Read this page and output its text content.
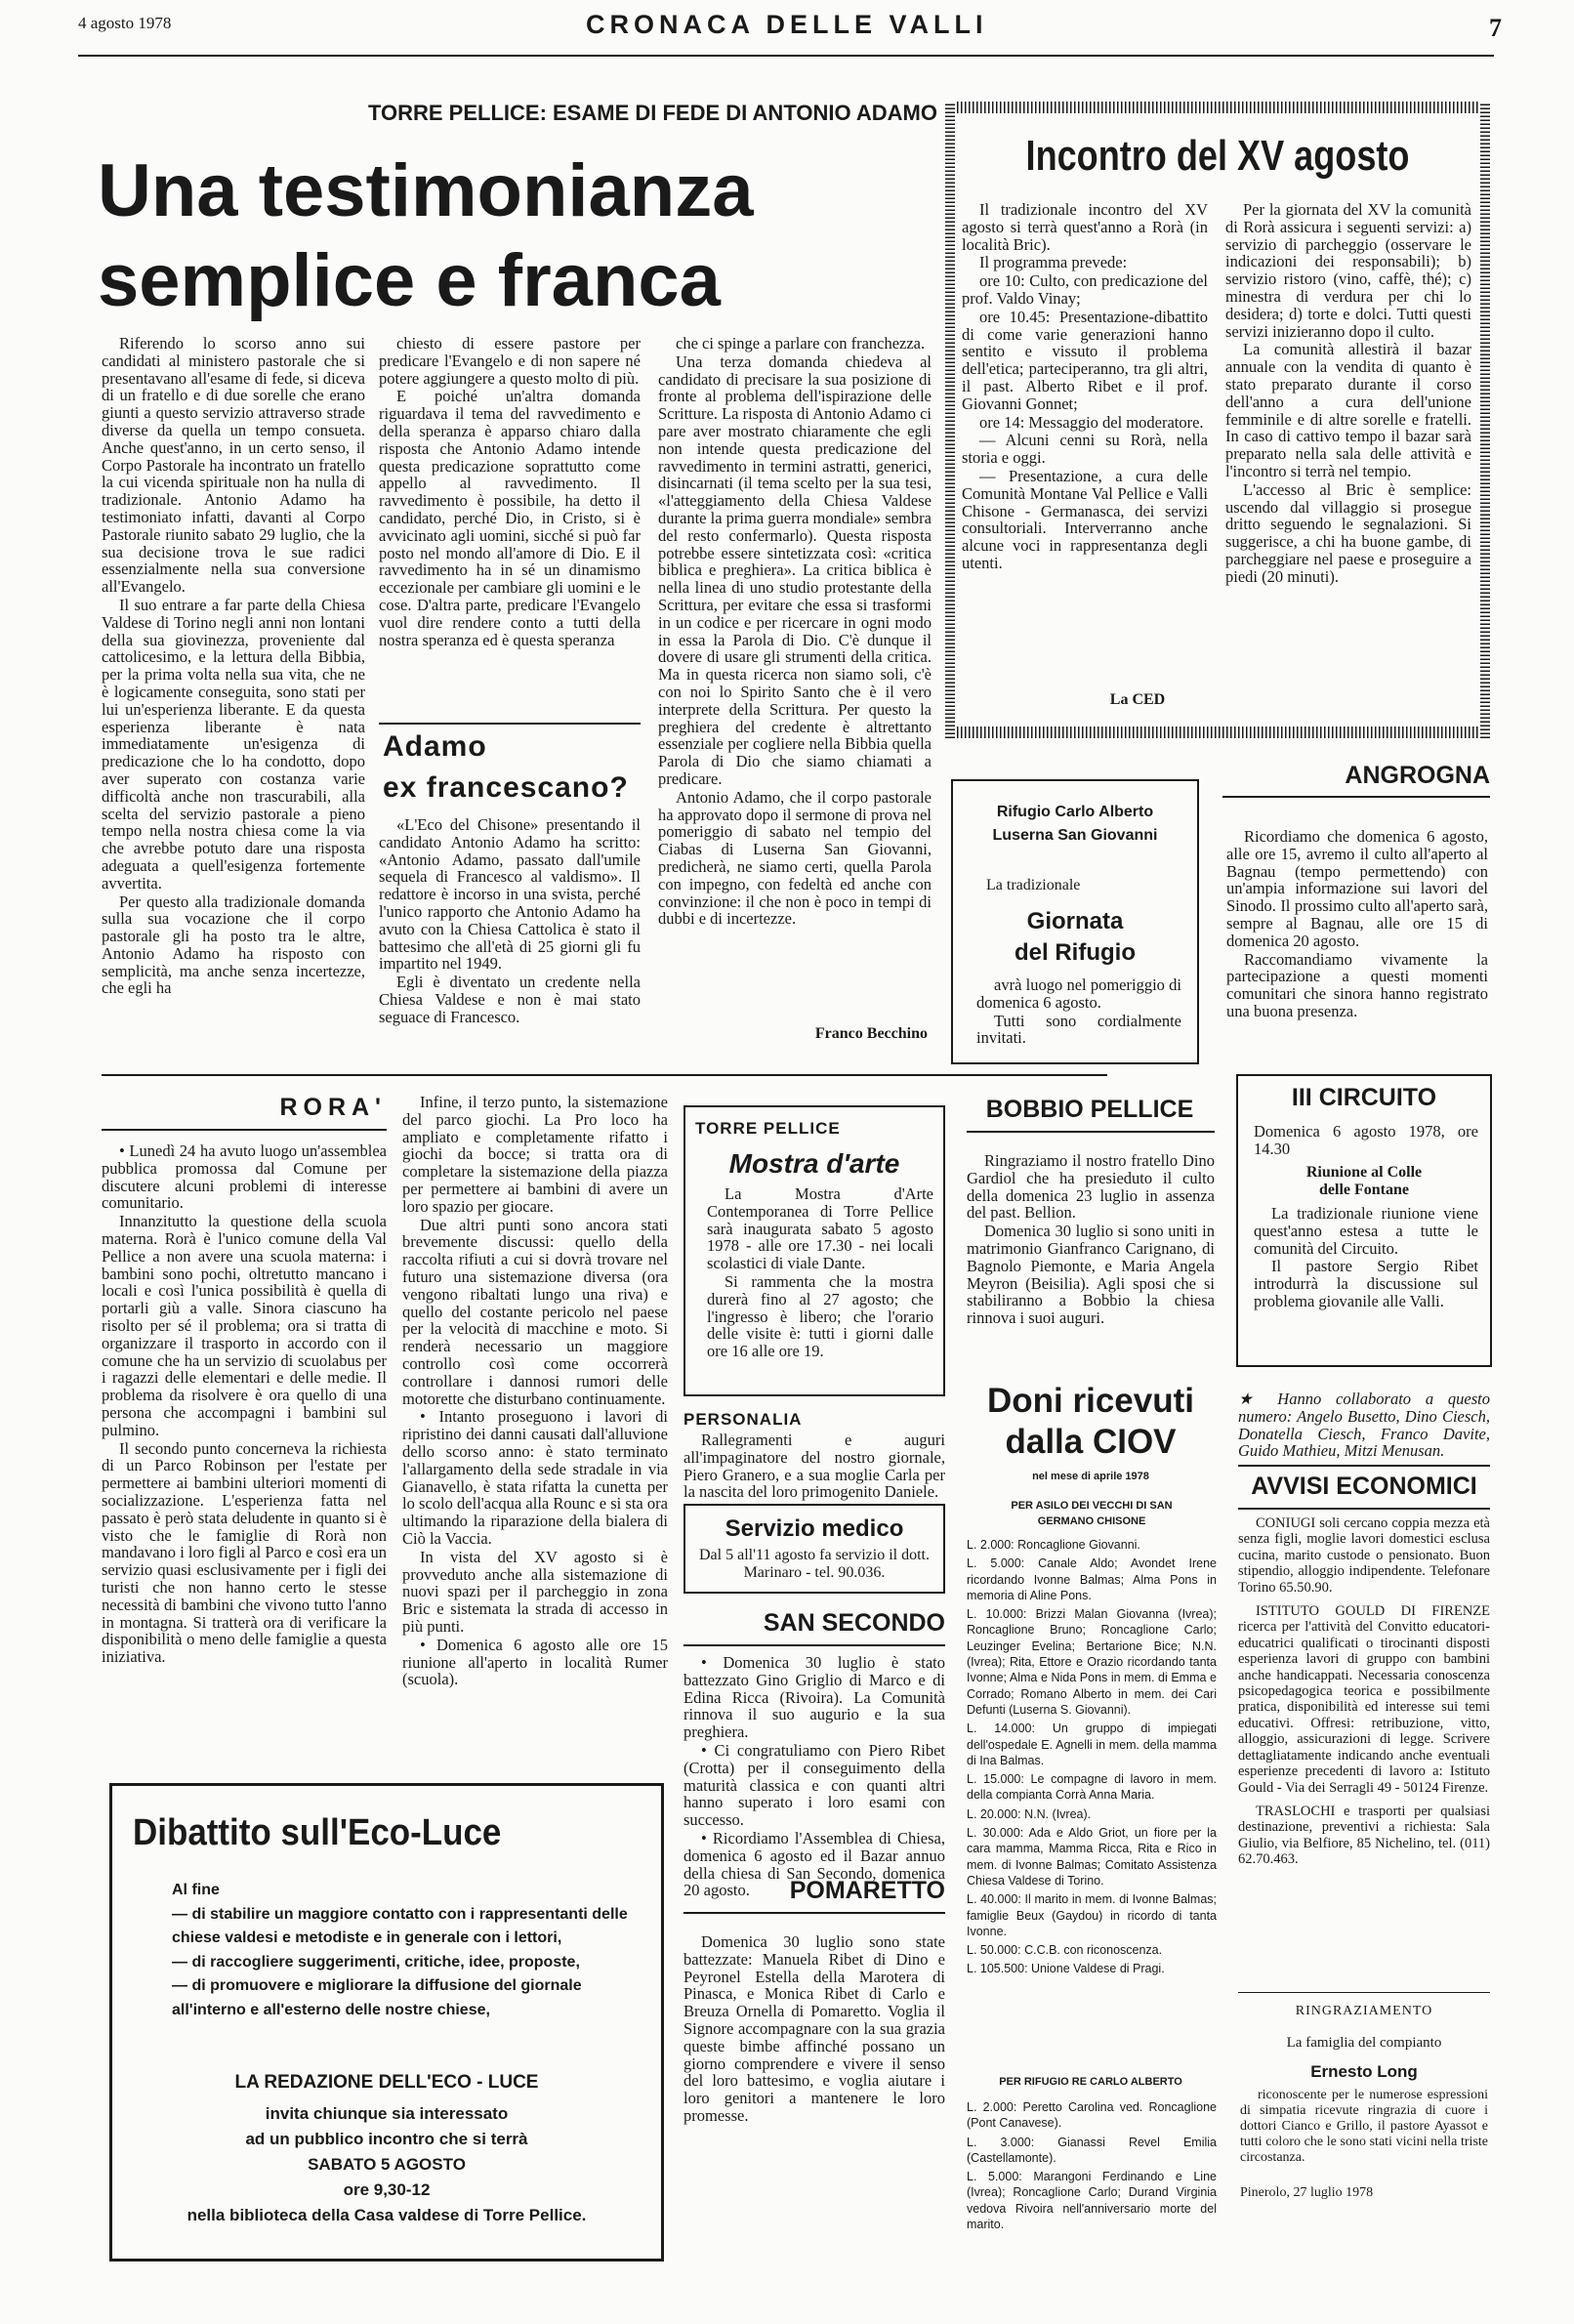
4 agosto 1978	CRONACA DELLE VALLI	7
TORRE PELLICE: ESAME DI FEDE DI ANTONIO ADAMO
Una testimonianza
semplice e franca

Riferendo lo scorso anno sui candidati al ministero pastorale che si presentavano all'esame di fede, si diceva di un fratello e di due sorelle che erano giunti a questo servizio attraverso strade diverse da quella un tempo consueta. Anche quest'anno, in un certo senso, il Corpo Pastorale ha incontrato un fratello la cui vicenda spirituale non ha nulla di tradizionale. Antonio Adamo ha testimoniato infatti, davanti al Corpo Pastorale riunito sabato 29 luglio, che la sua decisione trova le sue radici essenzialmente nella sua conversione all'Evangelo.

Il suo entrare a far parte della Chiesa Valdese di Torino negli anni non lontani della sua giovinezza, proveniente dal cattolicesimo, e la lettura della Bibbia, per la prima volta nella sua vita, che ne è logicamente conseguita, sono stati per lui un'esperienza liberante. E da questa esperienza liberante è nata immediatamente un'esigenza di predicazione che lo ha condotto, dopo aver superato con costanza varie difficoltà anche non trascurabili, alla scelta del servizio pastorale a pieno tempo nella nostra chiesa come la via che avrebbe potuto dare una risposta adeguata a quell'esigenza fortemente avvertita.

Per questo alla tradizionale domanda sulla sua vocazione che il corpo pastorale gli ha posto tra le altre, Antonio Adamo ha risposto con semplicità, ma anche senza incertezze, che egli ha

chiesto di essere pastore per predicare l'Evangelo e di non sapere né potere aggiungere a questo molto di più.

E poiché un'altra domanda riguardava il tema del ravvedimento e della speranza è apparso chiaro dalla risposta che Antonio Adamo intende questa predicazione soprattutto come appello al ravvedimento. Il ravvedimento è possibile, ha detto il candidato, perché Dio, in Cristo, si è avvicinato agli uomini, sicché si può far posto nel mondo all'amore di Dio. E il ravvedimento ha in sé un dinamismo eccezionale per cambiare gli uomini e le cose. D'altra parte, predicare l'Evangelo vuol dire rendere conto a tutti della nostra speranza ed è questa speranza

che ci spinge a parlare con franchezza.

Una terza domanda chiedeva al candidato di precisare la sua posizione di fronte al problema dell'ispirazione delle Scritture. La risposta di Antonio Adamo ci pare aver mostrato chiaramente che egli non intende questa predicazione del ravvedimento in termini astratti, generici, disincarnati (il tema scelto per la sua tesi, «l'atteggiamento della Chiesa Valdese durante la prima guerra mondiale» sembra del resto confermarlo). Questa risposta potrebbe essere sintetizzata così: «critica biblica e preghiera». La critica biblica è nella linea di uno studio protestante della Scrittura, per evitare che essa si trasformi in un codice e per ricercare in ogni modo in essa la Parola di Dio. C'è dunque il dovere di usare gli strumenti della critica. Ma in questa ricerca non siamo soli, c'è con noi lo Spirito Santo che è il vero interprete della Scrittura. Per questo la preghiera del credente è altrettanto essenziale per cogliere nella Bibbia quella Parola di Dio che siamo chiamati a predicare.

Antonio Adamo, che il corpo pastorale ha approvato dopo il sermone di prova nel pomeriggio di sabato nel tempio del Ciabas di Luserna San Giovanni, predicherà, ne siamo certi, quella Parola con impegno, con fedeltà ed anche con convinzione: il che non è poco in tempi di dubbi e di incertezze.

Franco Becchino
Adamo
ex francescano?

«L'Eco del Chisone» presentando il candidato Antonio Adamo ha scritto: «Antonio Adamo, passato dall'umile sequela di Francesco al valdismo». Il redattore è incorso in una svista, perché l'unico rapporto che Antonio Adamo ha avuto con la Chiesa Cattolica è stato il battesimo che all'età di 25 giorni gli fu impartito nel 1949.

Egli è diventato un credente nella Chiesa Valdese e non è mai stato seguace di Francesco.

Incontro del XV agosto

Il tradizionale incontro del XV agosto si terrà quest'anno a Rorà (in località Bric).

Il programma prevede:

ore 10: Culto, con predicazione del prof. Valdo Vinay;

ore 10.45: Presentazione-dibattito di come varie generazioni hanno sentito e vissuto il problema dell'etica; parteciperanno, tra gli altri, il past. Alberto Ribet e il prof. Giovanni Gonnet;

ore 14: Messaggio del moderatore.

— Alcuni cenni su Rorà, nella storia e oggi.

— Presentazione, a cura delle Comunità Montane Val Pellice e Valli Chisone - Germanasca, dei servizi consultoriali. Interverranno anche alcune voci in rappresentanza degli utenti.

La CED

Per la giornata del XV la comunità di Rorà assicura i seguenti servizi: a) servizio di parcheggio (osservare le indicazioni dei responsabili); b) servizio ristoro (vino, caffè, thé); c) minestra di verdura per chi lo desidera; d) torte e dolci. Tutti questi servizi inizieranno dopo il culto.

La comunità allestirà il bazar annuale con la vendita di quanto è stato preparato durante il corso dell'anno a cura dell'unione femminile e di altre sorelle e fratelli. In caso di cattivo tempo il bazar sarà preparato nella sala delle attività e l'incontro si terrà nel tempio.

L'accesso al Bric è semplice: uscendo dal villaggio si prosegue dritto seguendo le segnalazioni. Si suggerisce, a chi ha buone gambe, di parcheggiare nel paese e proseguire a piedi (20 minuti).

Rifugio Carlo Alberto
Luserna San Giovanni
La tradizionale
Giornata
del Rifugio

avrà luogo nel pomeriggio di domenica 6 agosto.

Tutti sono cordialmente invitati.

ANGROGNA

Ricordiamo che domenica 6 agosto, alle ore 15, avremo il culto all'aperto al Bagnau (tempo permettendo) con un'ampia informazione sui lavori del Sinodo. Il prossimo culto all'aperto sarà, sempre al Bagnau, alle ore 15 di domenica 20 agosto.

Raccomandiamo vivamente la partecipazione a questi momenti comunitari che sinora hanno registrato una buona presenza.

RORA'

• Lunedì 24 ha avuto luogo un'assemblea pubblica promossa dal Comune per discutere alcuni problemi di interesse comunitario.

Innanzitutto la questione della scuola materna. Rorà è l'unico comune della Val Pellice a non avere una scuola materna: i bambini sono pochi, oltretutto mancano i locali e così l'unica possibilità è quella di portarli giù a valle. Sinora ciascuno ha risolto per sé il problema; ora si tratta di organizzare il trasporto in accordo con il comune che ha un servizio di scuolabus per i ragazzi delle elementari e delle medie. Il problema da risolvere è ora quello di una persona che accompagni i bambini sul pulmino.

Il secondo punto concerneva la richiesta di un Parco Robinson per l'estate per permettere ai bambini ulteriori momenti di socializzazione. L'esperienza fatta nel passato è però stata deludente in quanto si è visto che le famiglie di Rorà non mandavano i loro figli al Parco e così era un servizio quasi esclusivamente per i figli dei turisti che non hanno certo le stesse necessità di bambini che vivono tutto l'anno in montagna. Si tratterà ora di verificare la disponibilità o meno delle famiglie a questa iniziativa.

Infine, il terzo punto, la sistemazione del parco giochi. La Pro loco ha ampliato e completamente rifatto i giochi da bocce; si tratta ora di completare la sistemazione della piazza per permettere ai bambini di avere un loro spazio per giocare.

Due altri punti sono ancora stati brevemente discussi: quello della raccolta rifiuti a cui si dovrà trovare nel futuro una sistemazione diversa (ora vengono ribaltati lungo una riva) e quello del costante pericolo nel paese per la velocità di macchine e moto. Si renderà necessario un maggiore controllo così come occorrerà controllare i dannosi rumori delle motorette che disturbano continuamente.

• Intanto proseguono i lavori di ripristino dei danni causati dall'alluvione dello scorso anno: è stato terminato l'allargamento della sede stradale in via Gianavello, è stata rifatta la cunetta per lo scolo dell'acqua alla Rounc e si sta ora ultimando la riparazione della bialera di Ciò la Vaccia.

In vista del XV agosto si è provveduto anche alla sistemazione di nuovi spazi per il parcheggio in zona Bric e sistemata la strada di accesso in più punti.

• Domenica 6 agosto alle ore 15 riunione all'aperto in località Rumer (scuola).

Dibattito sull'Eco-Luce
Al fine
— di stabilire un maggiore contatto con i rappresentanti delle chiese valdesi e metodiste e in generale con i lettori,
— di raccogliere suggerimenti, critiche, idee, proposte,
— di promuovere e migliorare la diffusione del giornale all'interno e all'esterno delle nostre chiese,
LA REDAZIONE DELL'ECO - LUCE
invita chiunque sia interessato
ad un pubblico incontro che si terrà
SABATO 5 AGOSTO
ore 9,30-12
nella biblioteca della Casa valdese di Torre Pellice.
TORRE PELLICE
Mostra d'arte

La Mostra d'Arte Contemporanea di Torre Pellice sarà inaugurata sabato 5 agosto 1978 - alle ore 17.30 - nei locali scolastici di viale Dante.

Si rammenta che la mostra durerà fino al 27 agosto; che l'ingresso è libero; che l'orario delle visite è: tutti i giorni dalle ore 16 alle ore 19.

PERSONALIA

Rallegramenti e auguri all'impaginatore del nostro giornale, Piero Granero, e a sua moglie Carla per la nascita del loro primogenito Daniele.

Servizio medico
Dal 5 all'11 agosto fa servizio il dott. Marinaro - tel. 90.036.
SAN SECONDO

• Domenica 30 luglio è stato battezzato Gino Griglio di Marco e di Edina Ricca (Rivoira). La Comunità rinnova il suo augurio e la sua preghiera.

• Ci congratuliamo con Piero Ribet (Crotta) per il conseguimento della maturità classica e con quanti altri hanno superato i loro esami con successo.

• Ricordiamo l'Assemblea di Chiesa, domenica 6 agosto ed il Bazar annuo della chiesa di San Secondo, domenica 20 agosto.	POMARETTO

Domenica 30 luglio sono state battezzate: Manuela Ribet di Dino e Peyronel Estella della Marotera di Pinasca, e Monica Ribet di Carlo e Breuza Ornella di Pomaretto. Voglia il Signore accompagnare con la sua grazia queste bimbe affinché possano un giorno comprendere e vivere il senso del loro battesimo, e voglia aiutare i loro genitori a mantenere le loro promesse.

BOBBIO PELLICE

Ringraziamo il nostro fratello Dino Gardiol che ha presieduto il culto della domenica 23 luglio in assenza del past. Bellion.

Domenica 30 luglio si sono uniti in matrimonio Gianfranco Carignano, di Bagnolo Piemonte, e Maria Angela Meyron (Beisilia). Agli sposi che si stabiliranno a Bobbio la chiesa rinnova i suoi auguri.

Doni ricevuti
dalla CIOV
nel mese di aprile 1978
PER ASILO DEI VECCHI DI SAN GERMANO CHISONE

L. 2.000: Roncaglione Giovanni.

L. 5.000: Canale Aldo; Avondet Irene ricordando Ivonne Balmas; Alma Pons in memoria di Aline Pons.

L. 10.000: Brizzi Malan Giovanna (Ivrea); Roncaglione Bruno; Roncaglione Carlo; Leuzinger Evelina; Bertarione Bice; N.N. (Ivrea); Rita, Ettore e Orazio ricordando tanta Ivonne; Alma e Nida Pons in mem. di Emma e Corrado; Romano Alberto in mem. dei Cari Defunti (Luserna S. Giovanni).

L. 14.000: Un gruppo di impiegati dell'ospedale E. Agnelli in mem. della mamma di Ina Balmas.

L. 15.000: Le compagne di lavoro in mem. della compianta Corrà Anna Maria.

L. 20.000: N.N. (Ivrea).

L. 30.000: Ada e Aldo Griot, un fiore per la cara mamma, Mamma Ricca, Rita e Rico in mem. di Ivonne Balmas; Comitato Assistenza Chiesa Valdese di Torino.

L. 40.000: Il marito in mem. di Ivonne Balmas; famiglie Beux (Gaydou) in ricordo di tanta Ivonne.

L. 50.000: C.C.B. con riconoscenza.

L. 105.500: Unione Valdese di Pragi.

PER RIFUGIO RE CARLO ALBERTO

L. 2.000: Peretto Carolina ved. Roncaglione (Pont Canavese).

L. 3.000: Gianassi Revel Emilia (Castellamonte).

L. 5.000: Marangoni Ferdinando e Line (Ivrea); Roncaglione Carlo; Durand Virginia vedova Rivoira nell'anniversario morte del marito.

III CIRCUITO

Domenica 6 agosto 1978, ore 14.30

Riunione al Colle
delle Fontane

La tradizionale riunione viene quest'anno estesa a tutte le comunità del Circuito.

Il pastore Sergio Ribet introdurrà la discussione sul problema giovanile alle Valli.

★ Hanno collaborato a questo numero: Angelo Busetto, Dino Ciesch, Donatella Ciesch, Franco Davite, Guido Mathieu, Mitzi Menusan.
AVVISI ECONOMICI

CONIUGI soli cercano coppia mezza età senza figli, moglie lavori domestici esclusa cucina, marito custode o pensionato. Buon stipendio, alloggio indipendente. Telefonare Torino 65.50.90.

ISTITUTO GOULD DI FIRENZE ricerca per l'attività del Convitto educatori-educatrici qualificati o tirocinanti disposti esperienza lavori di gruppo con bambini anche handicappati. Necessaria conoscenza psicopedagogica teorica e possibilmente pratica, disponibilità ed interesse sui temi educativi. Offresi: retribuzione, vitto, alloggio, assicurazioni di legge. Scrivere dettagliatamente indicando anche eventuali esperienze precedenti di lavoro a: Istituto Gould - Via dei Serragli 49 - 50124 Firenze.

TRASLOCHI e trasporti per qualsiasi destinazione, preventivi a richiesta: Sala Giulio, via Belfiore, 85 Nichelino, tel. (011) 62.70.463.

RINGRAZIAMENTO
La famiglia del compianto
Ernesto Long

riconoscente per le numerose espressioni di simpatia ricevute ringrazia di cuore i dottori Cianco e Grillo, il pastore Ayassot e tutti coloro che le sono stati vicini nella triste circostanza.

Pinerolo, 27 luglio 1978
